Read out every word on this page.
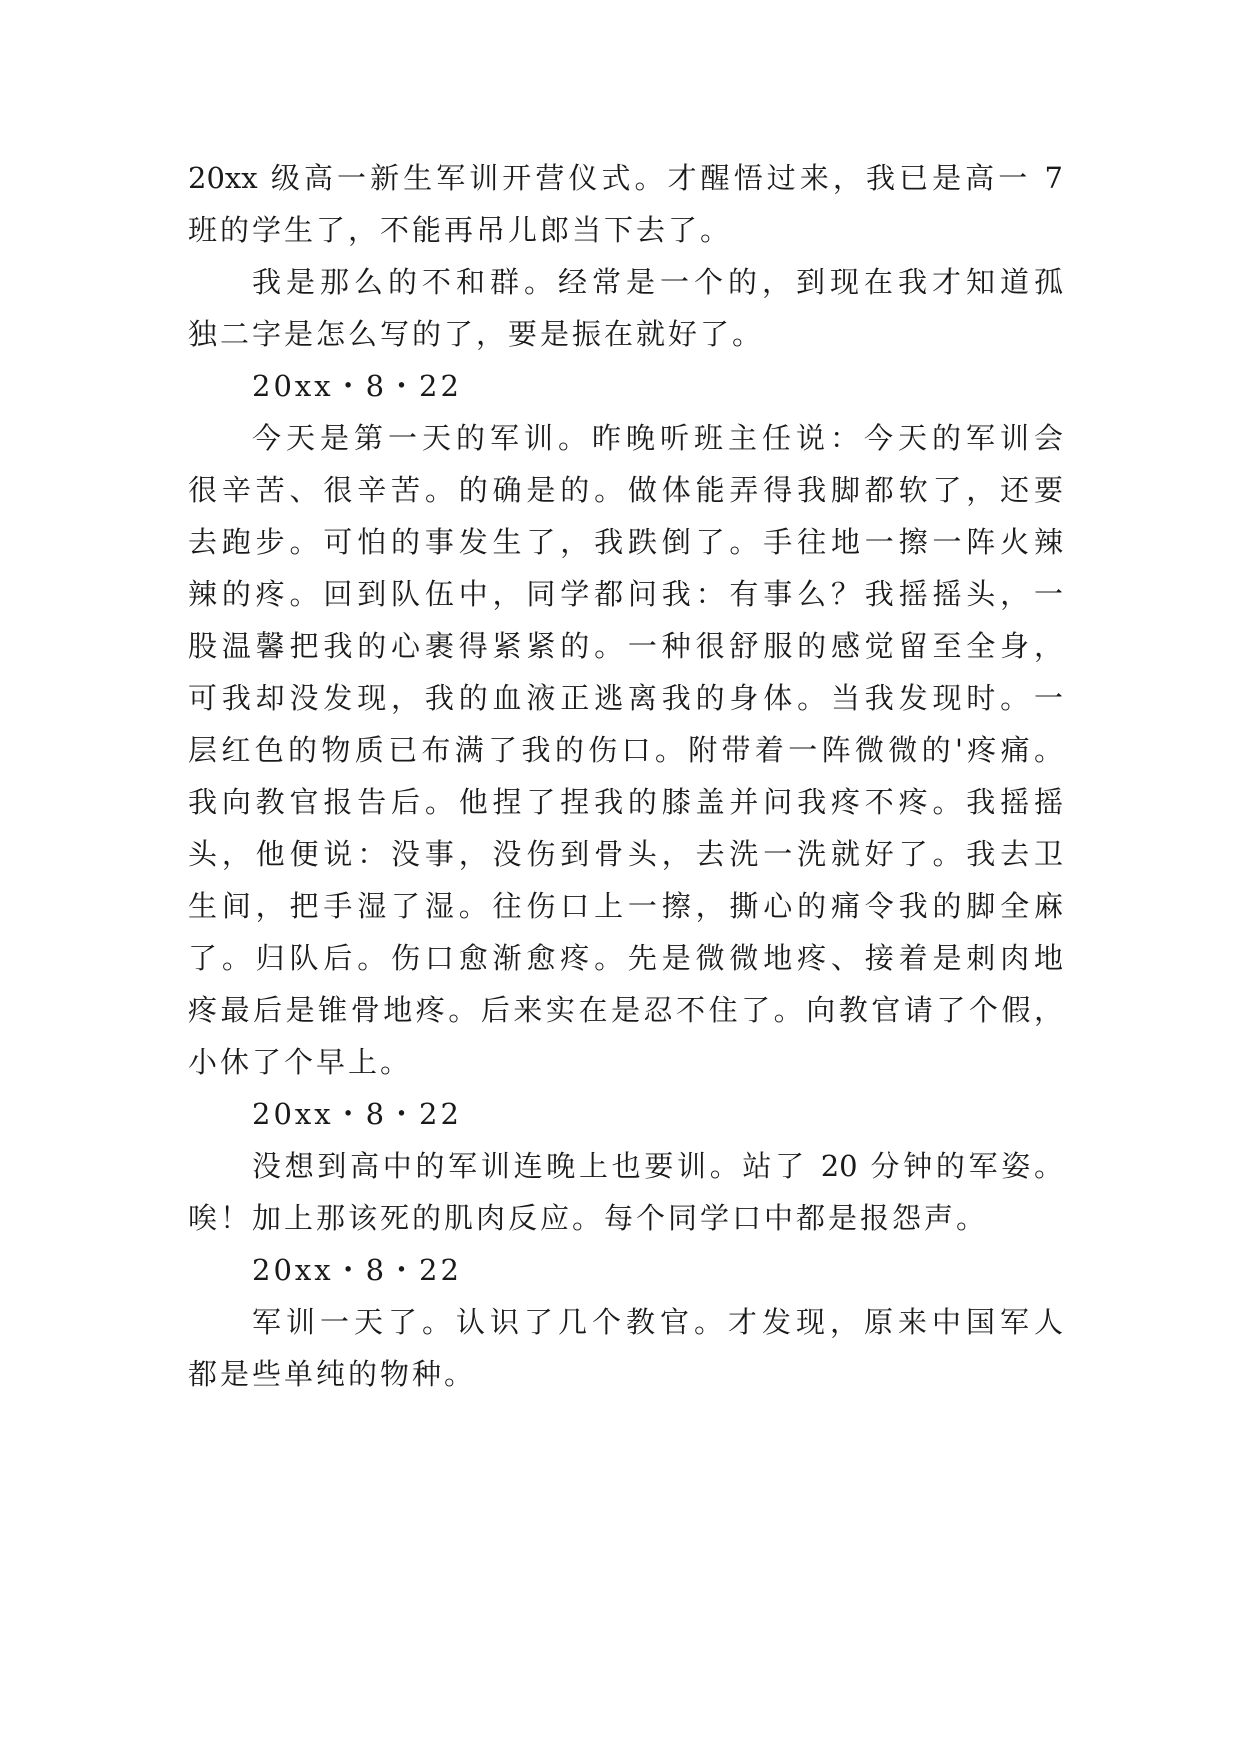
20xx 级高一新生军训开营仪式。才醒悟过来，我已是高一 7
班的学生了，不能再吊儿郎当下去了。
我是那么的不和群。经常是一个的，到现在我才知道孤
独二字是怎么写的了，要是振在就好了。
20xx・8・22
今天是第一天的军训。昨晚听班主任说：今天的军训会
很辛苦、很辛苦。的确是的。做体能弄得我脚都软了，还要
去跑步。可怕的事发生了，我跌倒了。手往地一擦一阵火辣
辣的疼。回到队伍中，同学都问我：有事么？我摇摇头，一
股温馨把我的心裹得紧紧的。一种很舒服的感觉留至全身，
可我却没发现，我的血液正逃离我的身体。当我发现时。一
层红色的物质已布满了我的伤口。附带着一阵微微的'疼痛。
我向教官报告后。他捏了捏我的膝盖并问我疼不疼。我摇摇
头，他便说：没事，没伤到骨头，去洗一洗就好了。我去卫
生间，把手湿了湿。往伤口上一擦，撕心的痛令我的脚全麻
了。归队后。伤口愈渐愈疼。先是微微地疼、接着是刺肉地
疼最后是锥骨地疼。后来实在是忍不住了。向教官请了个假，
小休了个早上。
20xx・8・22
没想到高中的军训连晚上也要训。站了 20 分钟的军姿。
唉！加上那该死的肌肉反应。每个同学口中都是报怨声。
20xx・8・22
军训一天了。认识了几个教官。才发现，原来中国军人
都是些单纯的物种。
